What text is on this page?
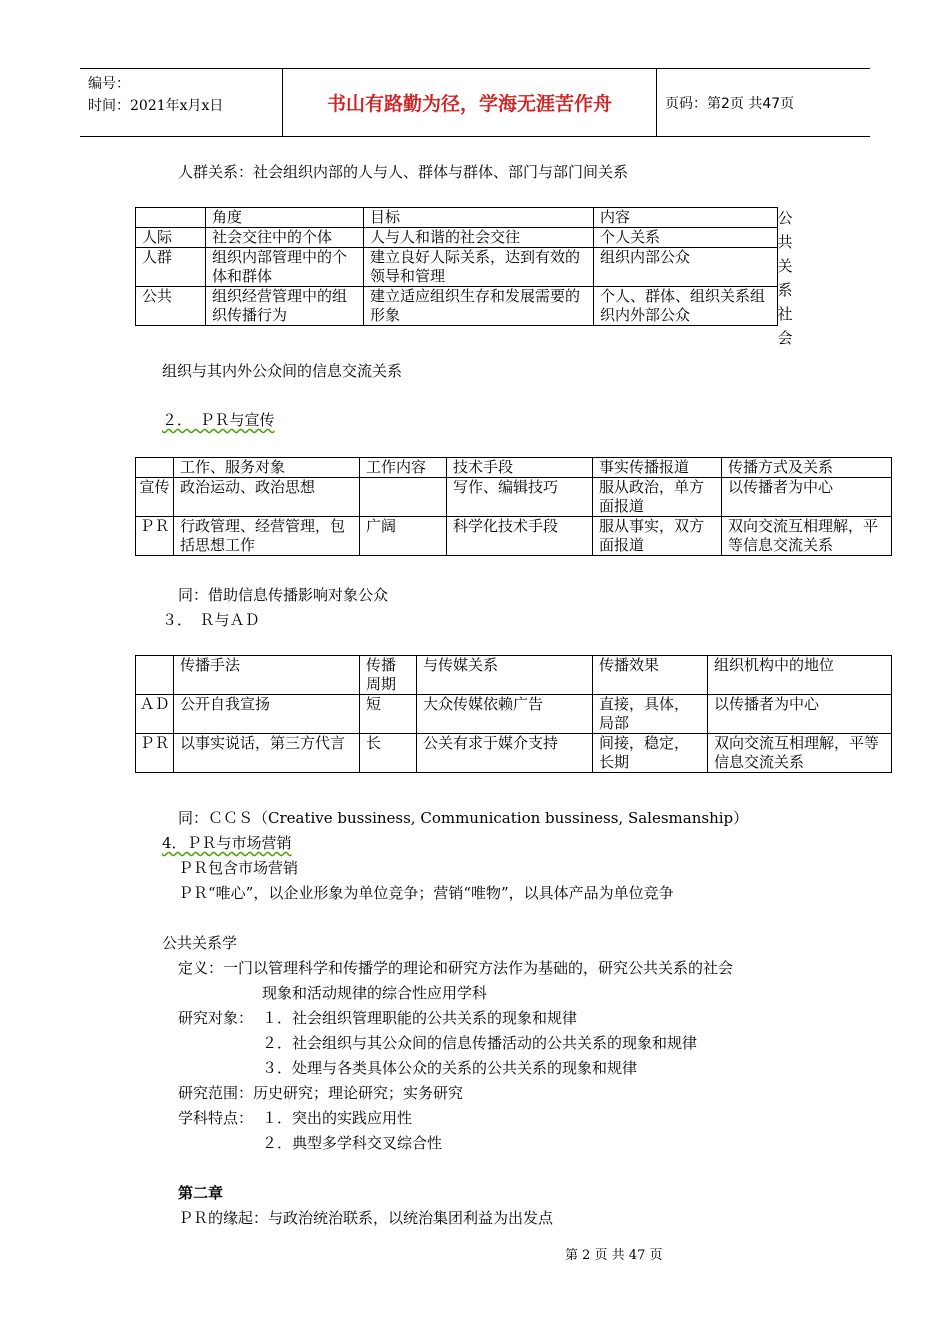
编号：
时间：2021年x月x日	书山有路勤为径，学海无涯苦作舟	页码：第2页 共47页
人群关系：社会组织内部的人与人、群体与群体、部门与部门间关系
	角度	目标	内容
人际	社会交往中的个体	人与人和谐的社会交往	个人关系
人群	组织内部管理中的个体和群体	建立良好人际关系，达到有效的领导和管理	组织内部公众
公共	组织经营管理中的组织传播行为	建立适应组织生存和发展需要的形象	个人、群体、组织关系组织内外部公众
公
共
关
系
社
会
组织与其内外公众间的信息交流关系
２．　ＰＲ与宣传
	工作、服务对象	工作内容	技术手段	事实传播报道	传播方式及关系
宣传	政治运动、政治思想		写作、编辑技巧	服从政治，单方面报道	以传播者为中心
ＰＲ	行政管理、经营管理，包括思想工作	广阔	科学化技术手段	服从事实，双方面报道	双向交流互相理解，平等信息交流关系
同：借助信息传播影响对象公众
３．　Ｒ与ＡＤ
	传播手法	传播周期	与传媒关系	传播效果	组织机构中的地位
ＡＤ	公开自我宣扬	短	大众传媒依赖广告	直接，具体，局部	以传播者为中心
ＰＲ	以事实说话，第三方代言	长	公关有求于媒介支持	间接，稳定，长期	双向交流互相理解，平等信息交流关系
同：ＣＣＳ（Creative bussiness, Communication bussiness, Salesmanship）
4．ＰＲ与市场营销
ＰＲ包含市场营销
ＰＲ“唯心”，以企业形象为单位竞争；营销“唯物”，以具体产品为单位竞争
公共关系学
定义：一门以管理科学和传播学的理论和研究方法作为基础的，研究公共关系的社会
现象和活动规律的综合性应用学科
研究对象： １．社会组织管理职能的公共关系的现象和规律
２．社会组织与其公众间的信息传播活动的公共关系的现象和规律
３．处理与各类具体公众的关系的公共关系的现象和规律
研究范围：历史研究；理论研究；实务研究
学科特点： １．突出的实践应用性
２．典型多学科交叉综合性
第二章
ＰＲ的缘起：与政治统治联系，以统治集团利益为出发点
第 2 页 共 47 页
